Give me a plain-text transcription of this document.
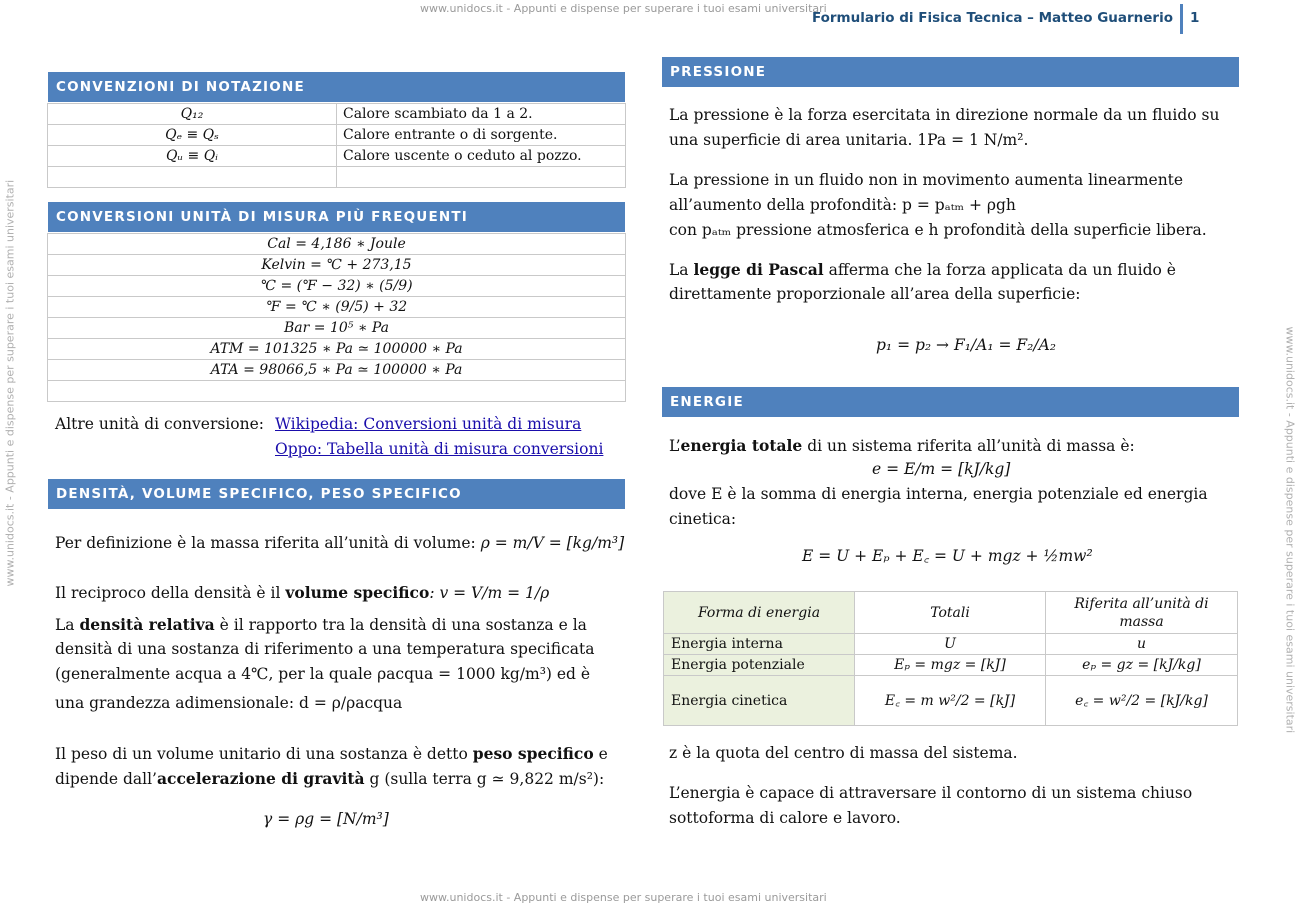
www.unidocs.it - Appunti e dispense per superare i tuoi esami universitari
www.unidocs.it - Appunti e dispense per superare i tuoi esami universitari
www.unidocs.it - Appunti e dispense per superare i tuoi esami universitari	www.unidocs.it - Appunti e dispense per superare i tuoi esami universitari
Formulario di Fisica Tecnica – Matteo Guarnerio 1
CONVENZIONI DI NOTAZIONE
Q₁₂	Calore scambiato da 1 a 2.
Qₑ ≡ Qₛ	Calore entrante o di sorgente.
Qᵤ ≡ Qᵢ	Calore uscente o ceduto al pozzo.

CONVERSIONI UNITÀ DI MISURA PIÙ FREQUENTI
Cal = 4,186 ∗ Joule
Kelvin = ℃ + 273,15
℃ = (℉ − 32) ∗ (5/9)
℉ = ℃ ∗ (9/5) + 32
Bar = 10⁵ ∗ Pa
ATM = 101325 ∗ Pa ≃ 100000 ∗ Pa
ATA = 98066,5 ∗ Pa ≃ 100000 ∗ Pa

Altre unità di conversione: Wikipedia: Conversioni unità di misura
Oppo: Tabella unità di misura conversioni
DENSITÀ, VOLUME SPECIFICO, PESO SPECIFICO
Per definizione è la massa riferita all’unità di volume: ρ = m/V = [kg/m³]
Il reciproco della densità è il volume specifico: v = V/m = 1/ρ
La densità relativa è il rapporto tra la densità di una sostanza e la
densità di una sostanza di riferimento a una temperatura specificata
(generalmente acqua a 4℃, per la quale ρacqua = 1000 kg/m³) ed è
una grandezza adimensionale: d = ρ/ρacqua
Il peso di un volume unitario di una sostanza è detto peso specifico e
dipende dall’accelerazione di gravità g (sulla terra g ≃ 9,822 m/s²):
γ = ρg = [N/m³]
PRESSIONE
La pressione è la forza esercitata in direzione normale da un fluido su
una superficie di area unitaria. 1Pa = 1 N/m².
La pressione in un fluido non in movimento aumenta linearmente
all’aumento della profondità: p = pₐₜₘ + ρgh
con pₐₜₘ pressione atmosferica e h profondità della superficie libera.
La legge di Pascal afferma che la forza applicata da un fluido è
direttamente proporzionale all’area della superficie:
p₁ = p₂ → F₁/A₁ = F₂/A₂
ENERGIE
L’energia totale di un sistema riferita all’unità di massa è:
e = E/m = [kJ/kg]
dove E è la somma di energia interna, energia potenziale ed energia
cinetica:
E = U + Eₚ + E꜀ = U + mgz + ½mw²
Forma di energia	Totali	Riferita all’unità di massa
Energia interna	U	u
Energia potenziale	Eₚ = mgz = [kJ]	eₚ = gz = [kJ/kg]
Energia cinetica	E꜀ = m w²/2 = [kJ]	e꜀ = w²/2 = [kJ/kg]
z è la quota del centro di massa del sistema.
L’energia è capace di attraversare il contorno di un sistema chiuso
sottoforma di calore e lavoro.
